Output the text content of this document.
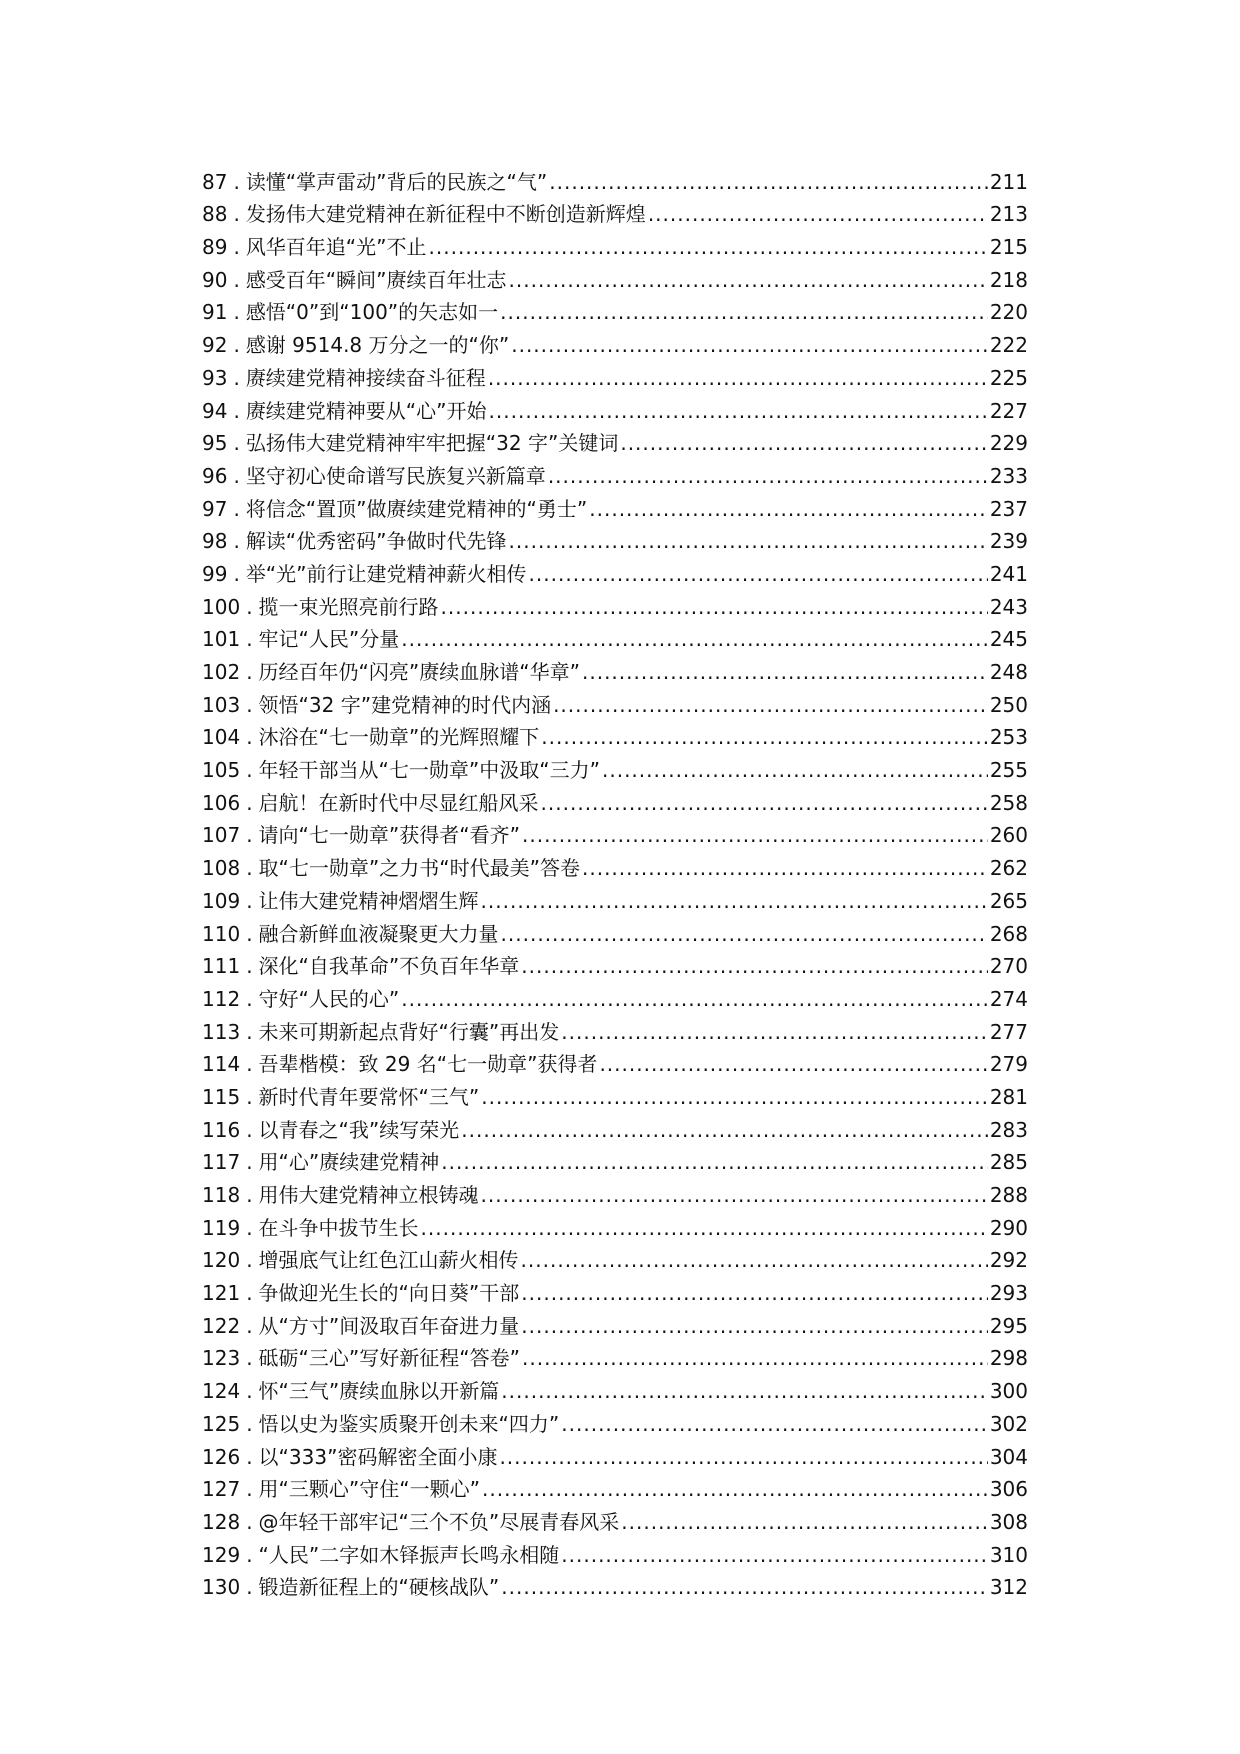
87 . 读懂“掌声雷动”背后的民族之“气” .....	211
88 . 发扬伟大建党精神在新征程中不断创造新辉煌 .....	213
89 . 风华百年追“光”不止 .....	215
90 . 感受百年“瞬间”赓续百年壮志 .....	218
91 . 感悟“0”到“100”的矢志如一 .....	220
92 . 感谢 9514.8 万分之一的“你” .....	222
93 . 赓续建党精神接续奋斗征程 .....	225
94 . 赓续建党精神要从“心”开始 .....	227
95 . 弘扬伟大建党精神牢牢把握“32 字”关键词 .....	229
96 . 坚守初心使命谱写民族复兴新篇章 .....	233
97 . 将信念“置顶”做赓续建党精神的“勇士” .....	237
98 . 解读“优秀密码”争做时代先锋 .....	239
99 . 举“光”前行让建党精神薪火相传 .....	241
100 . 揽一束光照亮前行路 .....	243
101 . 牢记“人民”分量 .....	245
102 . 历经百年仍“闪亮”赓续血脉谱“华章” .....	248
103 . 领悟“32 字”建党精神的时代内涵 .....	250
104 . 沐浴在“七一勋章”的光辉照耀下 .....	253
105 . 年轻干部当从“七一勋章”中汲取“三力” .....	255
106 . 启航！在新时代中尽显红船风采 .....	258
107 . 请向“七一勋章”获得者“看齐” .....	260
108 . 取“七一勋章”之力书“时代最美”答卷 .....	262
109 . 让伟大建党精神熠熠生辉 .....	265
110 . 融合新鲜血液凝聚更大力量 .....	268
111 . 深化“自我革命”不负百年华章 .....	270
112 . 守好“人民的心” .....	274
113 . 未来可期新起点背好“行囊”再出发 .....	277
114 . 吾辈楷模：致 29 名“七一勋章”获得者 .....	279
115 . 新时代青年要常怀“三气” .....	281
116 . 以青春之“我”续写荣光 .....	283
117 . 用“心”赓续建党精神 .....	285
118 . 用伟大建党精神立根铸魂 .....	288
119 . 在斗争中拔节生长 .....	290
120 . 增强底气让红色江山薪火相传 .....	292
121 . 争做迎光生长的“向日葵”干部 .....	293
122 . 从“方寸”间汲取百年奋进力量 .....	295
123 . 砥砺“三心”写好新征程“答卷” .....	298
124 . 怀“三气”赓续血脉以开新篇 .....	300
125 . 悟以史为鉴实质聚开创未来“四力” .....	302
126 . 以“333”密码解密全面小康 .....	304
127 . 用“三颗心”守住“一颗心” .....	306
128 . @年轻干部牢记“三个不负”尽展青春风采 .....	308
129 . “人民”二字如木铎振声长鸣永相随 .....	310
130 . 锻造新征程上的“硬核战队” .....	312
